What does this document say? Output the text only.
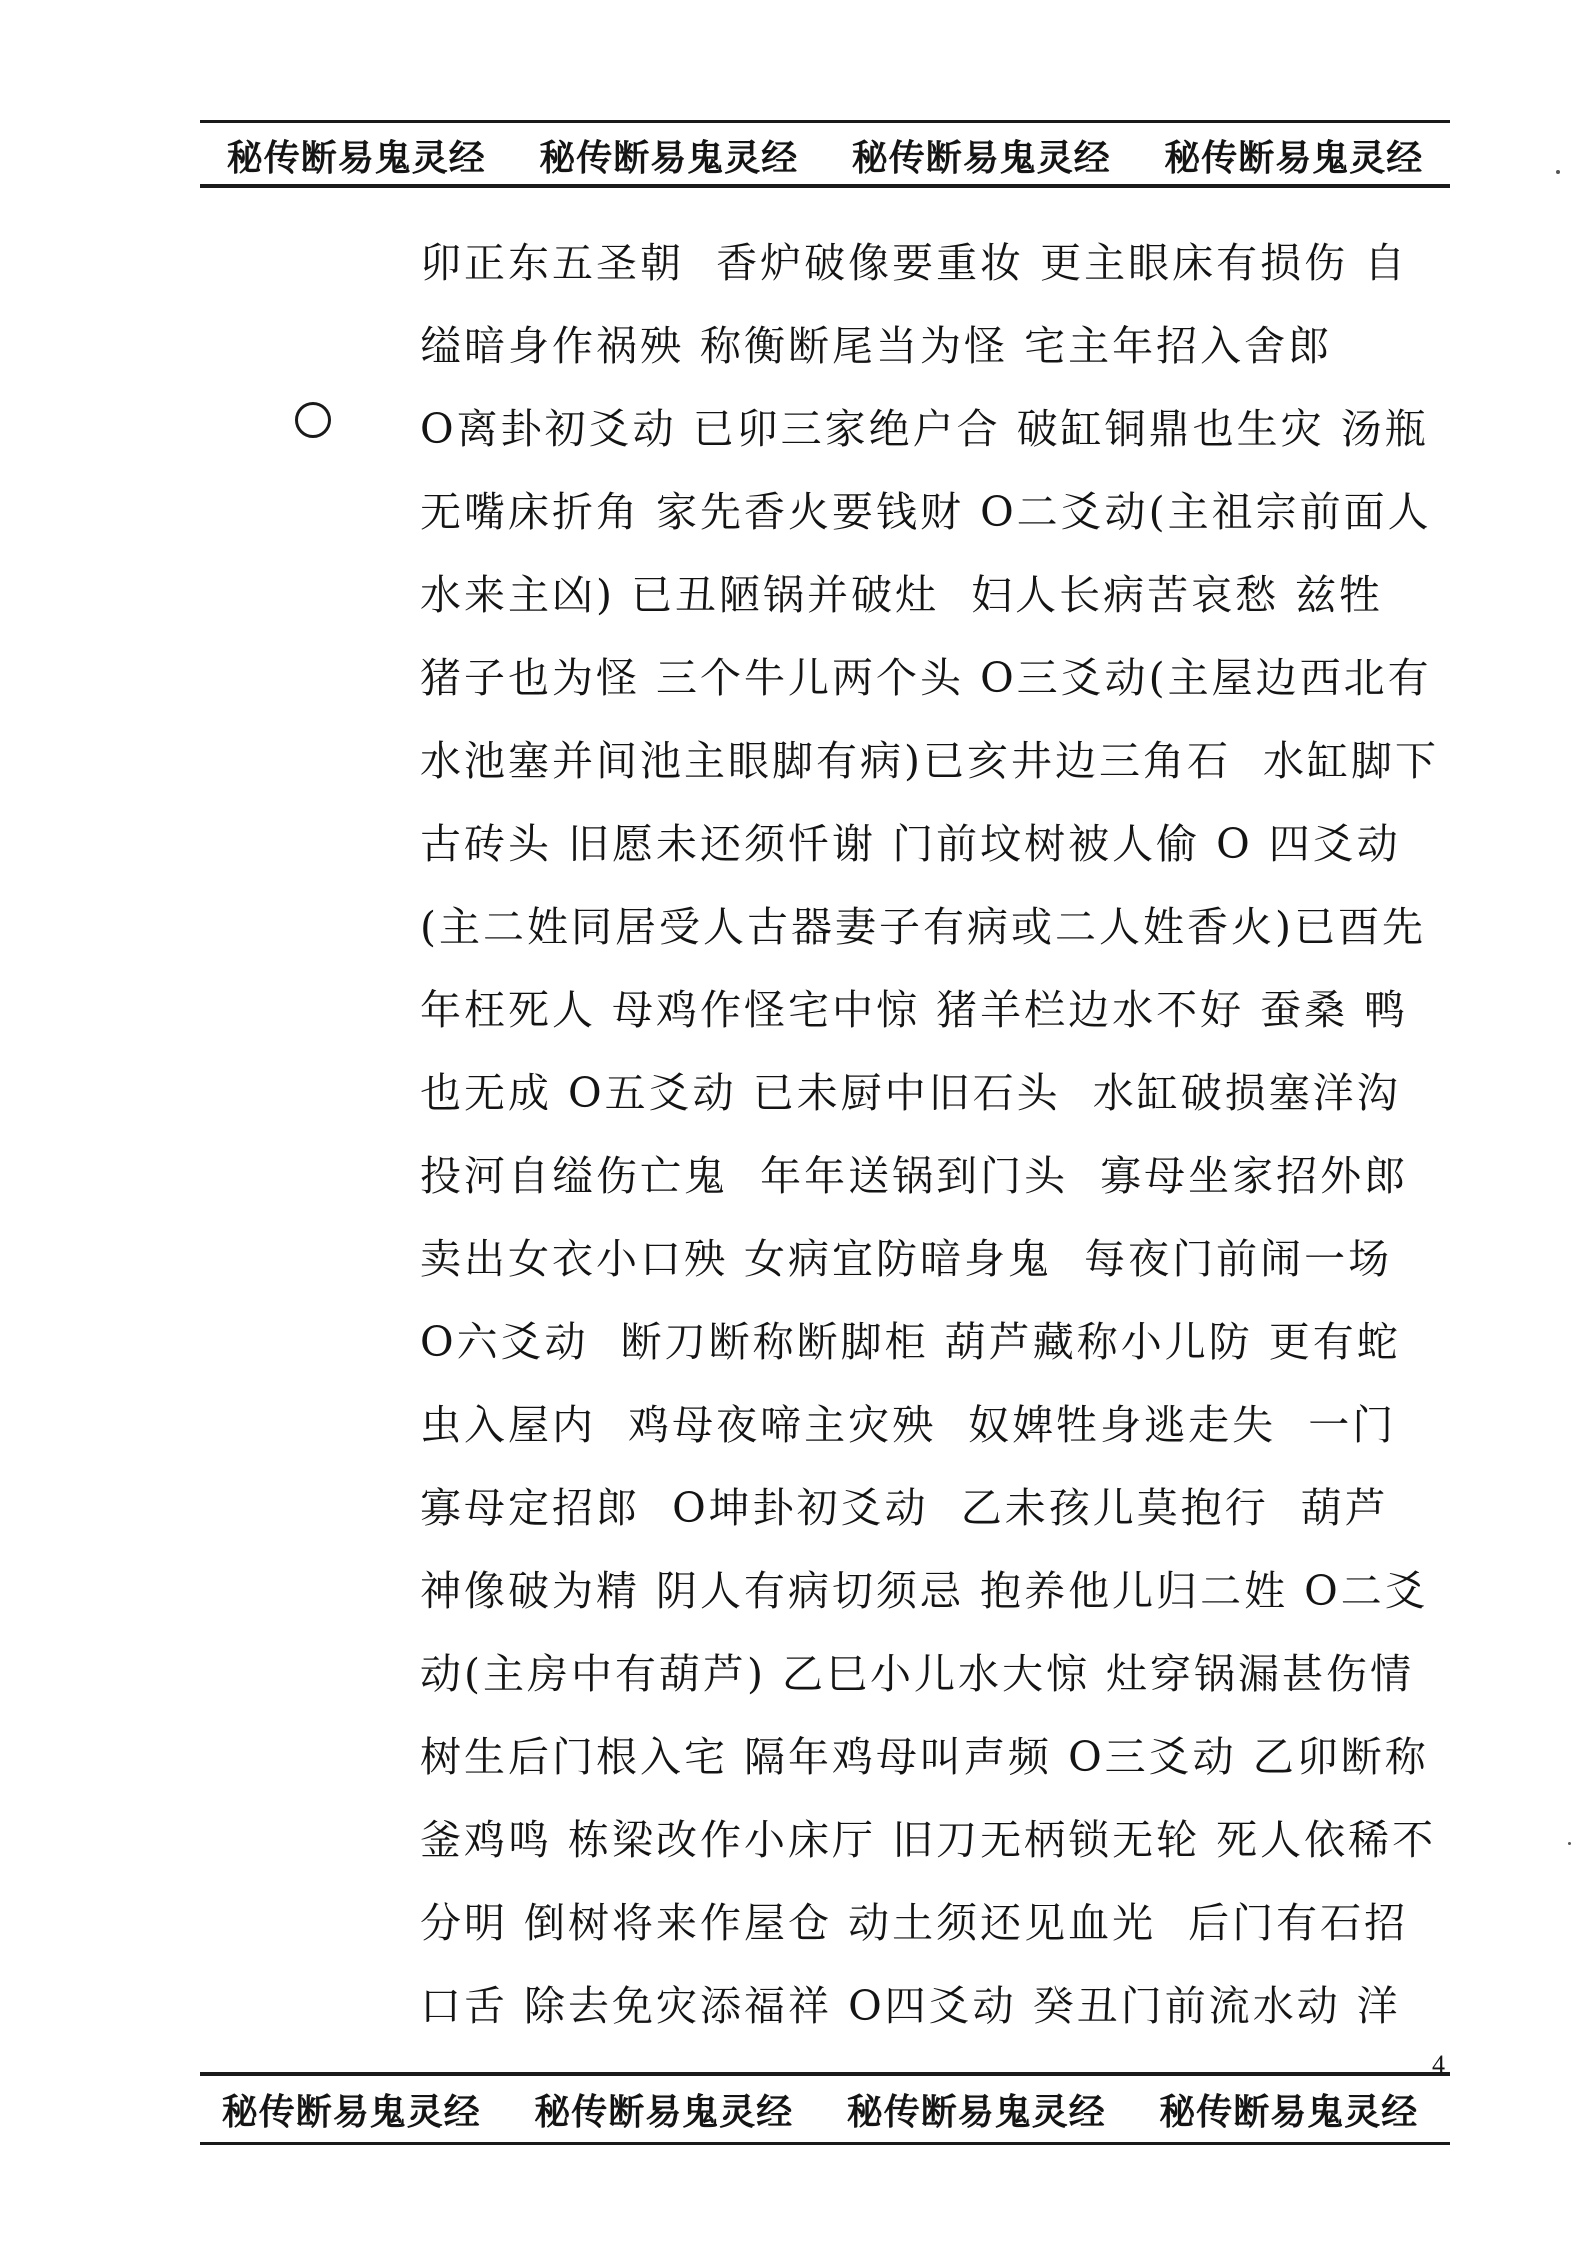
秘传断易鬼灵经 秘传断易鬼灵经 秘传断易鬼灵经 秘传断易鬼灵经
卯正东五圣朝  香炉破像要重妆 更主眼床有损伤 自
缢暗身作祸殃 称衡断尾当为怪 宅主年招入舍郎
O离卦初爻动 已卯三家绝户合 破缸铜鼎也生灾 汤瓶
无嘴床折角 家先香火要钱财 O二爻动(主祖宗前面人
水来主凶) 已丑陋锅并破灶  妇人长病苦哀愁 兹牲
猪子也为怪 三个牛儿两个头 O三爻动(主屋边西北有
水池塞并间池主眼脚有病)已亥井边三角石  水缸脚下
古砖头 旧愿未还须忏谢 门前坟树被人偷 O 四爻动
(主二姓同居受人古器妻子有病或二人姓香火)已酉先
年枉死人 母鸡作怪宅中惊 猪羊栏边水不好 蚕桑 鸭
也无成 O五爻动 已未厨中旧石头  水缸破损塞洋沟
投河自缢伤亡鬼  年年送锅到门头  寡母坐家招外郎
卖出女衣小口殃 女病宜防暗身鬼  每夜门前闹一场
O六爻动  断刀断称断脚柜 葫芦藏称小儿防 更有蛇
虫入屋内  鸡母夜啼主灾殃  奴婢牲身逃走失  一门
寡母定招郎  O坤卦初爻动  乙未孩儿莫抱行  葫芦
神像破为精 阴人有病切须忌 抱养他儿归二姓 O二爻
动(主房中有葫芦) 乙巳小儿水大惊 灶穿锅漏甚伤情
树生后门根入宅 隔年鸡母叫声频 O三爻动 乙卯断称
釜鸡鸣 栋梁改作小床厅 旧刀无柄锁无轮 死人依稀不
分明 倒树将来作屋仓 动土须还见血光  后门有石招
口舌 除去免灾添福祥 O四爻动 癸丑门前流水动 洋
秘传断易鬼灵经 秘传断易鬼灵经 秘传断易鬼灵经 秘传断易鬼灵经
4
